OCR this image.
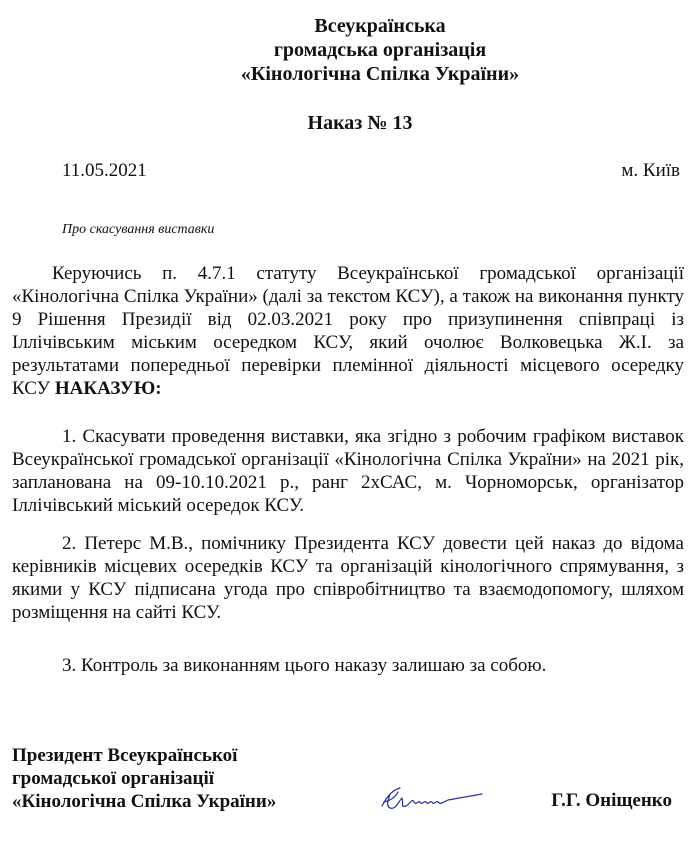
Всеукраїнська
громадська організація
«Кінологічна Спілка України»
Наказ № 13
11.05.2021	м. Київ
Про скасування виставки
Керуючись п. 4.7.1 статуту Всеукраїнської громадської організації «Кінологічна Спілка України» (далі за текстом КСУ), а також на виконання пункту 9 Рішення Президії від 02.03.2021 року про призупинення співпраці із Іллічівським міським осередком КСУ, який очолює Волковецька Ж.І. за результатами попередньої перевірки племінної діяльності місцевого осередку КСУ НАКАЗУЮ:
1. Скасувати проведення виставки, яка згідно з робочим графіком виставок Всеукраїнської громадської організації «Кінологічна Спілка України» на 2021 рік, запланована на 09-10.10.2021 р., ранг 2хСАС, м. Чорноморськ, організатор Іллічівський міський осередок КСУ.
2. Петерс М.В., помічнику Президента КСУ довести цей наказ до відома керівників місцевих осередків КСУ та організацій кінологічного спрямування, з якими у КСУ підписана угода про співробітництво та взаємодопомогу, шляхом розміщення на сайті КСУ.
3. Контроль за виконанням цього наказу залишаю за собою.
Президент Всеукраїнської
громадської організації
«Кінологічна Спілка України»	Г.Г. Оніщенко
